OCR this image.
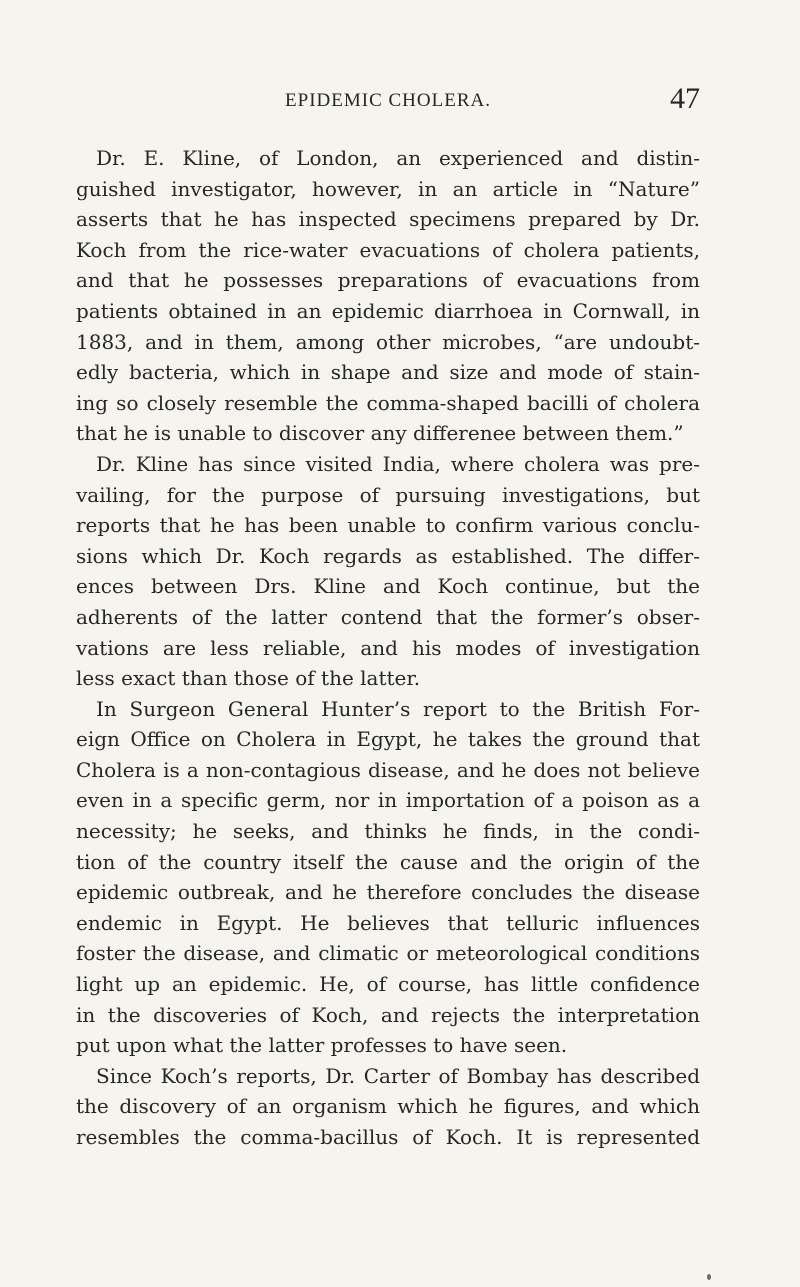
EPIDEMIC CHOLERA.	47
Dr. E. Kline, of London, an experienced and distin-
guished investigator, however, in an article in “Nature”
asserts that he has inspected specimens prepared by Dr.
Koch from the rice-water evacuations of cholera patients,
and that he possesses preparations of evacuations from
patients obtained in an epidemic diarrhoea in Cornwall, in
1883, and in them, among other microbes, “are undoubt-
edly bacteria, which in shape and size and mode of stain-
ing so closely resemble the comma-shaped bacilli of cholera
that he is unable to discover any differenee between them.”
Dr. Kline has since visited India, where cholera was pre-
vailing, for the purpose of pursuing investigations, but
reports that he has been unable to confirm various conclu-
sions which Dr. Koch regards as established. The differ-
ences between Drs. Kline and Koch continue, but the
adherents of the latter contend that the former’s obser-
vations are less reliable, and his modes of investigation
less exact than those of the latter.
In Surgeon General Hunter’s report to the British For-
eign Office on Cholera in Egypt, he takes the ground that
Cholera is a non-contagious disease, and he does not believe
even in a specific germ, nor in importation of a poison as a
necessity; he seeks, and thinks he finds, in the condi-
tion of the country itself the cause and the origin of the
epidemic outbreak, and he therefore concludes the disease
endemic in Egypt. He believes that telluric influences
foster the disease, and climatic or meteorological conditions
light up an epidemic. He, of course, has little confidence
in the discoveries of Koch, and rejects the interpretation
put upon what the latter professes to have seen.
Since Koch’s reports, Dr. Carter of Bombay has described
the discovery of an organism which he figures, and which
resembles the comma-bacillus of Koch. It is represented
